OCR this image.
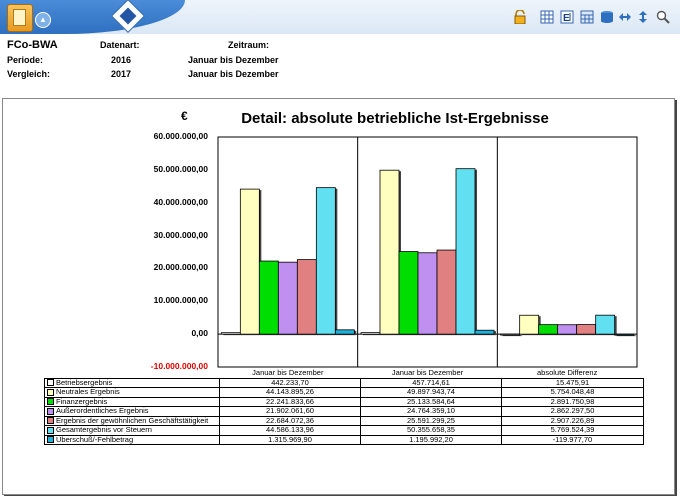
▲	E
FCo-BWA	Datenart:	Zeitraum:
Periode:	2016	Januar bis Dezember
Vergleich:	2017	Januar bis Dezember
€	Detail: absolute betriebliche Ist-Ergebnisse
60.000.000,00
50.000.000,00
40.000.000,00
30.000.000,00
20.000.000,00
10.000.000,00
0,00
-10.000.000,00
Januar bis Dezember	Januar bis Dezember	absolute Differenz

Betriebsergebnis	442.233,70	457.714,61	15.475,91
Neutrales Ergebnis	44.143.895,26	49.897.943,74	5.754.048,48
Finanzergebnis	22.241.833,66	25.133.584,64	2.891.750,98
Außerordentliches Ergebnis	21.902.061,60	24.764.359,10	2.862.297,50
Ergebnis der gewöhnlichen Geschäftstätigkeit	22.684.072,36	25.591.299,25	2.907.226,89
Gesamtergebnis vor Steuern	44.586.133,96	50.355.658,35	5.769.524,39
Überschuß/-Fehlbetrag	1.315.969,90	1.195.992,20	-119.977,70
